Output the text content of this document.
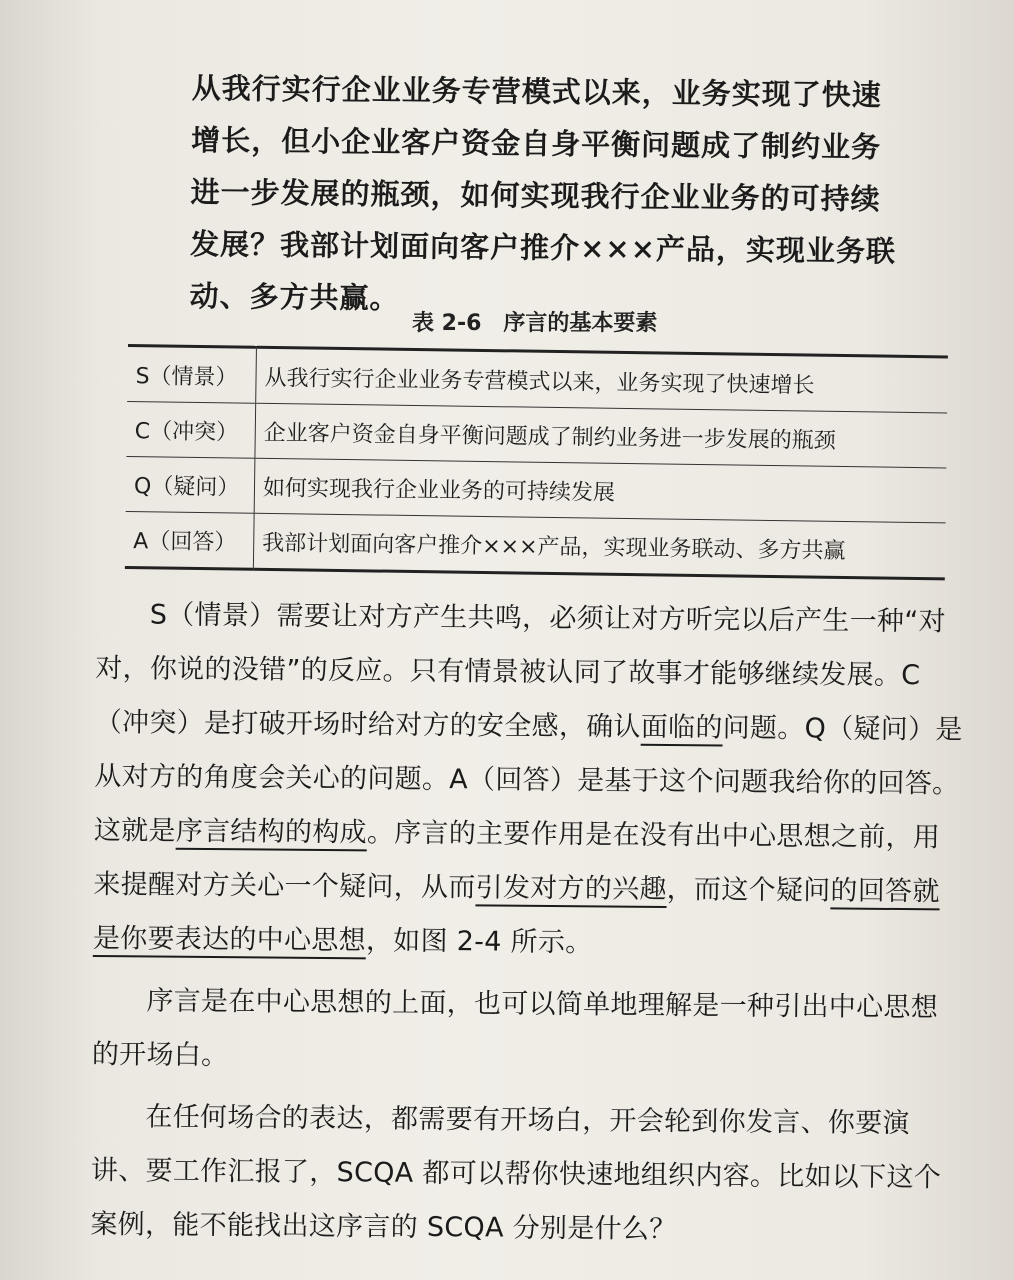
从我行实行企业业务专营模式以来，业务实现了快速增长，但小企业客户资金自身平衡问题成了制约业务进一步发展的瓶颈，如何实现我行企业业务的可持续发展？我部计划面向客户推介×××产品，实现业务联动、多方共赢。
表 2-6　序言的基本要素
S（情景）	从我行实行企业业务专营模式以来，业务实现了快速增长
C（冲突）	企业客户资金自身平衡问题成了制约业务进一步发展的瓶颈
Q（疑问）	如何实现我行企业业务的可持续发展
A（回答）	我部计划面向客户推介×××产品，实现业务联动、多方共赢

S（情景）需要让对方产生共鸣，必须让对方听完以后产生一种“对对，你说的没错”的反应。只有情景被认同了故事才能够继续发展。C（冲突）是打破开场时给对方的安全感，确认面临的问题。Q（疑问）是从对方的角度会关心的问题。A（回答）是基于这个问题我给你的回答。这就是序言结构的构成。序言的主要作用是在没有出中心思想之前，用来提醒对方关心一个疑问，从而引发对方的兴趣，而这个疑问的回答就是你要表达的中心思想，如图 2-4 所示。

序言是在中心思想的上面，也可以简单地理解是一种引出中心思想的开场白。

在任何场合的表达，都需要有开场白，开会轮到你发言、你要演讲、要工作汇报了，SCQA 都可以帮你快速地组织内容。比如以下这个案例，能不能找出这序言的 SCQA 分别是什么？
